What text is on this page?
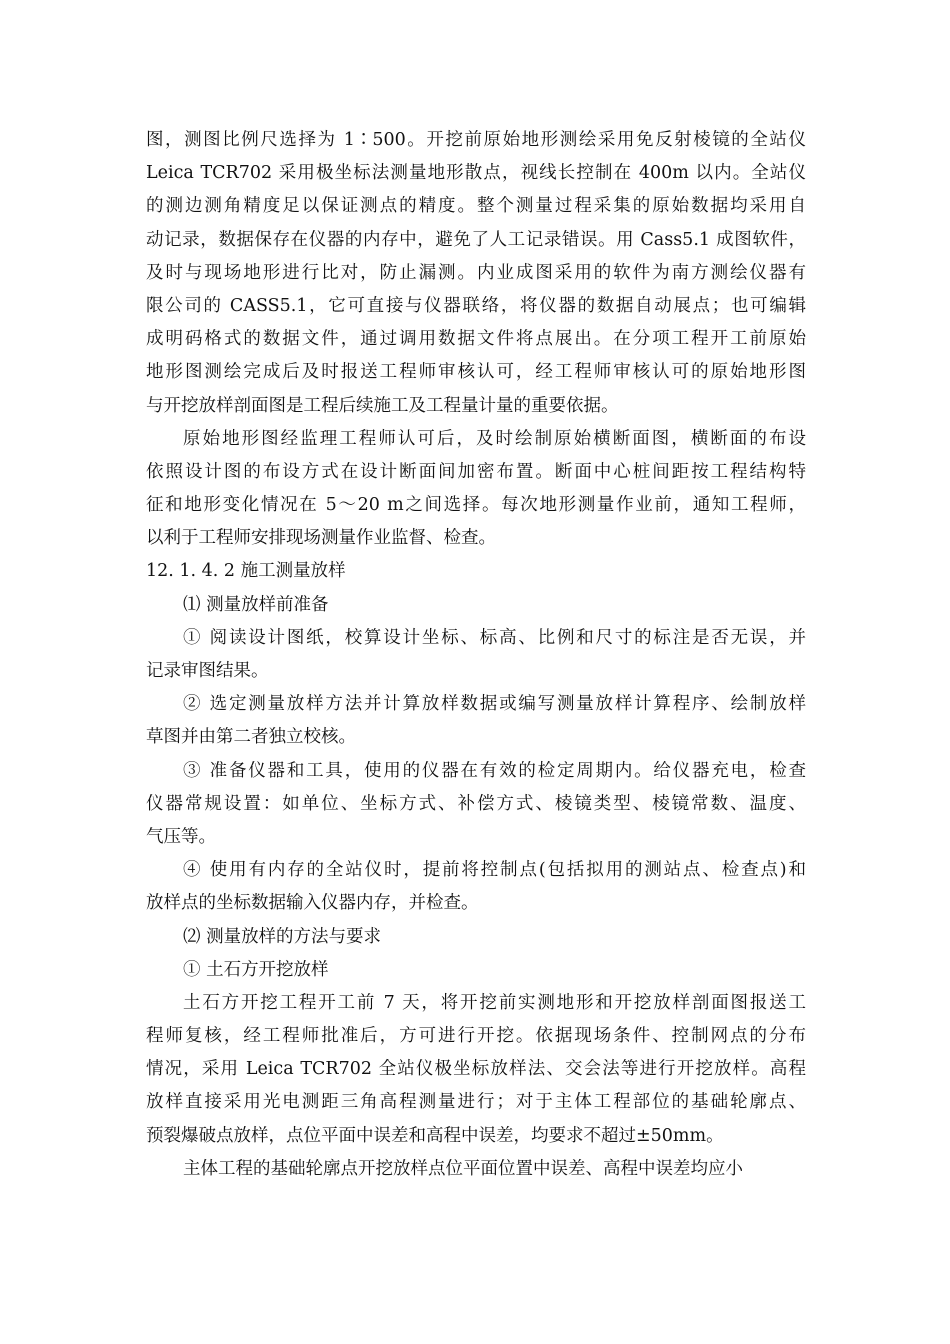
图，测图比例尺选择为 1∶500。开挖前原始地形测绘采用免反射棱镜的全站仪
Leica TCR702 采用极坐标法测量地形散点，视线长控制在 400m 以内。全站仪
的测边测角精度足以保证测点的精度。整个测量过程采集的原始数据均采用自
动记录，数据保存在仪器的内存中，避免了人工记录错误。用 Cass5.1 成图软件，
及时与现场地形进行比对，防止漏测。内业成图采用的软件为南方测绘仪器有
限公司的 CASS5.1，它可直接与仪器联络，将仪器的数据自动展点；也可编辑
成明码格式的数据文件，通过调用数据文件将点展出。在分项工程开工前原始
地形图测绘完成后及时报送工程师审核认可，经工程师审核认可的原始地形图
与开挖放样剖面图是工程后续施工及工程量计量的重要依据。
原始地形图经监理工程师认可后，及时绘制原始横断面图，横断面的布设
依照设计图的布设方式在设计断面间加密布置。断面中心桩间距按工程结构特
征和地形变化情况在 5～20 m之间选择。每次地形测量作业前，通知工程师，
以利于工程师安排现场测量作业监督、检查。
12. 1. 4. 2 施工测量放样
⑴ 测量放样前准备
① 阅读设计图纸，校算设计坐标、标高、比例和尺寸的标注是否无误，并
记录审图结果。
② 选定测量放样方法并计算放样数据或编写测量放样计算程序、绘制放样
草图并由第二者独立校核。
③ 准备仪器和工具，使用的仪器在有效的检定周期内。给仪器充电，检查
仪器常规设置：如单位、坐标方式、补偿方式、棱镜类型、棱镜常数、温度、
气压等。
④ 使用有内存的全站仪时，提前将控制点(包括拟用的测站点、检查点)和
放样点的坐标数据输入仪器内存，并检查。
⑵ 测量放样的方法与要求
① 土石方开挖放样
土石方开挖工程开工前 7 天，将开挖前实测地形和开挖放样剖面图报送工
程师复核，经工程师批准后，方可进行开挖。依据现场条件、控制网点的分布
情况，采用 Leica TCR702 全站仪极坐标放样法、交会法等进行开挖放样。高程
放样直接采用光电测距三角高程测量进行；对于主体工程部位的基础轮廓点、
预裂爆破点放样，点位平面中误差和高程中误差，均要求不超过±50mm。
主体工程的基础轮廓点开挖放样点位平面位置中误差、高程中误差均应小
